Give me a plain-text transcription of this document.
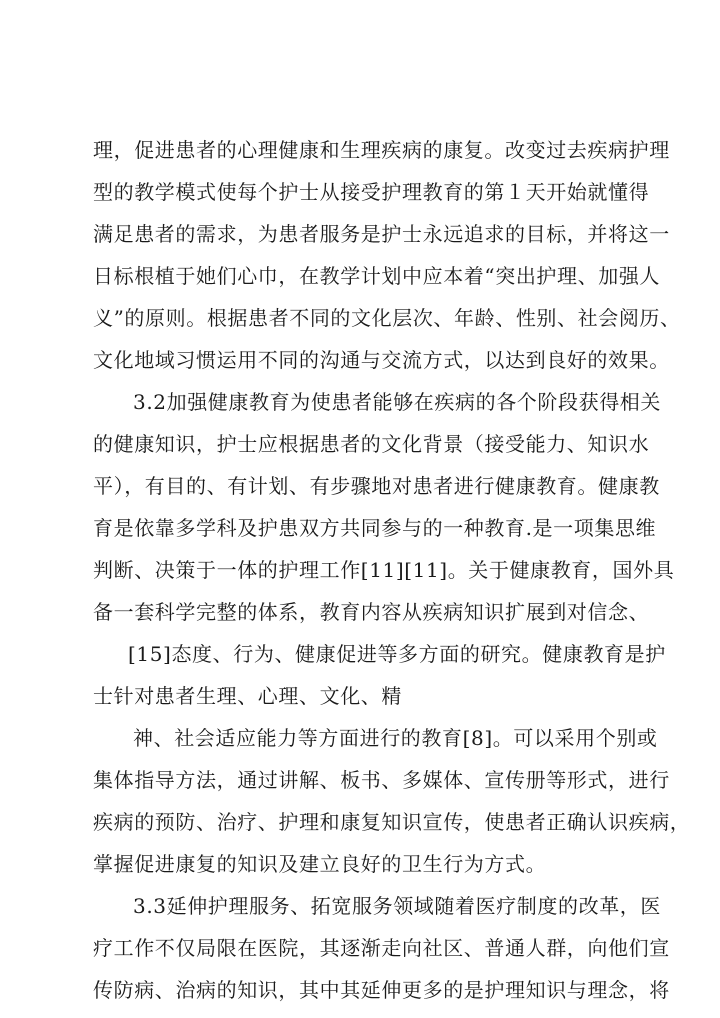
理，促进患者的心理健康和生理疾病的康复。改变过去疾病护理
型的教学模式使每个护士从接受护理教育的第１天开始就懂得
满足患者的需求，为患者服务是护士永远追求的目标，并将这一
日标根植于她们心巾，在教学计划中应本着“突出护理、加强人
义”的原则。根据患者不同的文化层次、年龄、性别、社会阅历、
文化地域习惯运用不同的沟通与交流方式，以达到良好的效果。
3.2加强健康教育为使患者能够在疾病的各个阶段获得相关
的健康知识，护士应根据患者的文化背景（接受能力、知识水
平），有目的、有计划、有步骤地对患者进行健康教育。健康教
育是依靠多学科及护患双方共同参与的一种教育.是一项集思维
判断、决策于一体的护理工作[11][11]。关于健康教育，国外具
备一套科学完整的体系，教育内容从疾病知识扩展到对信念、
[15]态度、行为、健康促进等多方面的研究。健康教育是护
士针对患者生理、心理、文化、精
神、社会适应能力等方面进行的教育[8]。可以采用个别或
集体指导方法，通过讲解、板书、多媒体、宣传册等形式，进行
疾病的预防、治疗、护理和康复知识宣传，使患者正确认识疾病，
掌握促进康复的知识及建立良好的卫生行为方式。
3.3延伸护理服务、拓宽服务领域随着医疗制度的改革，医
疗工作不仅局限在医院，其逐渐走向社区、普通人群，向他们宣
传防病、治病的知识，其中其延伸更多的是护理知识与理念，将
